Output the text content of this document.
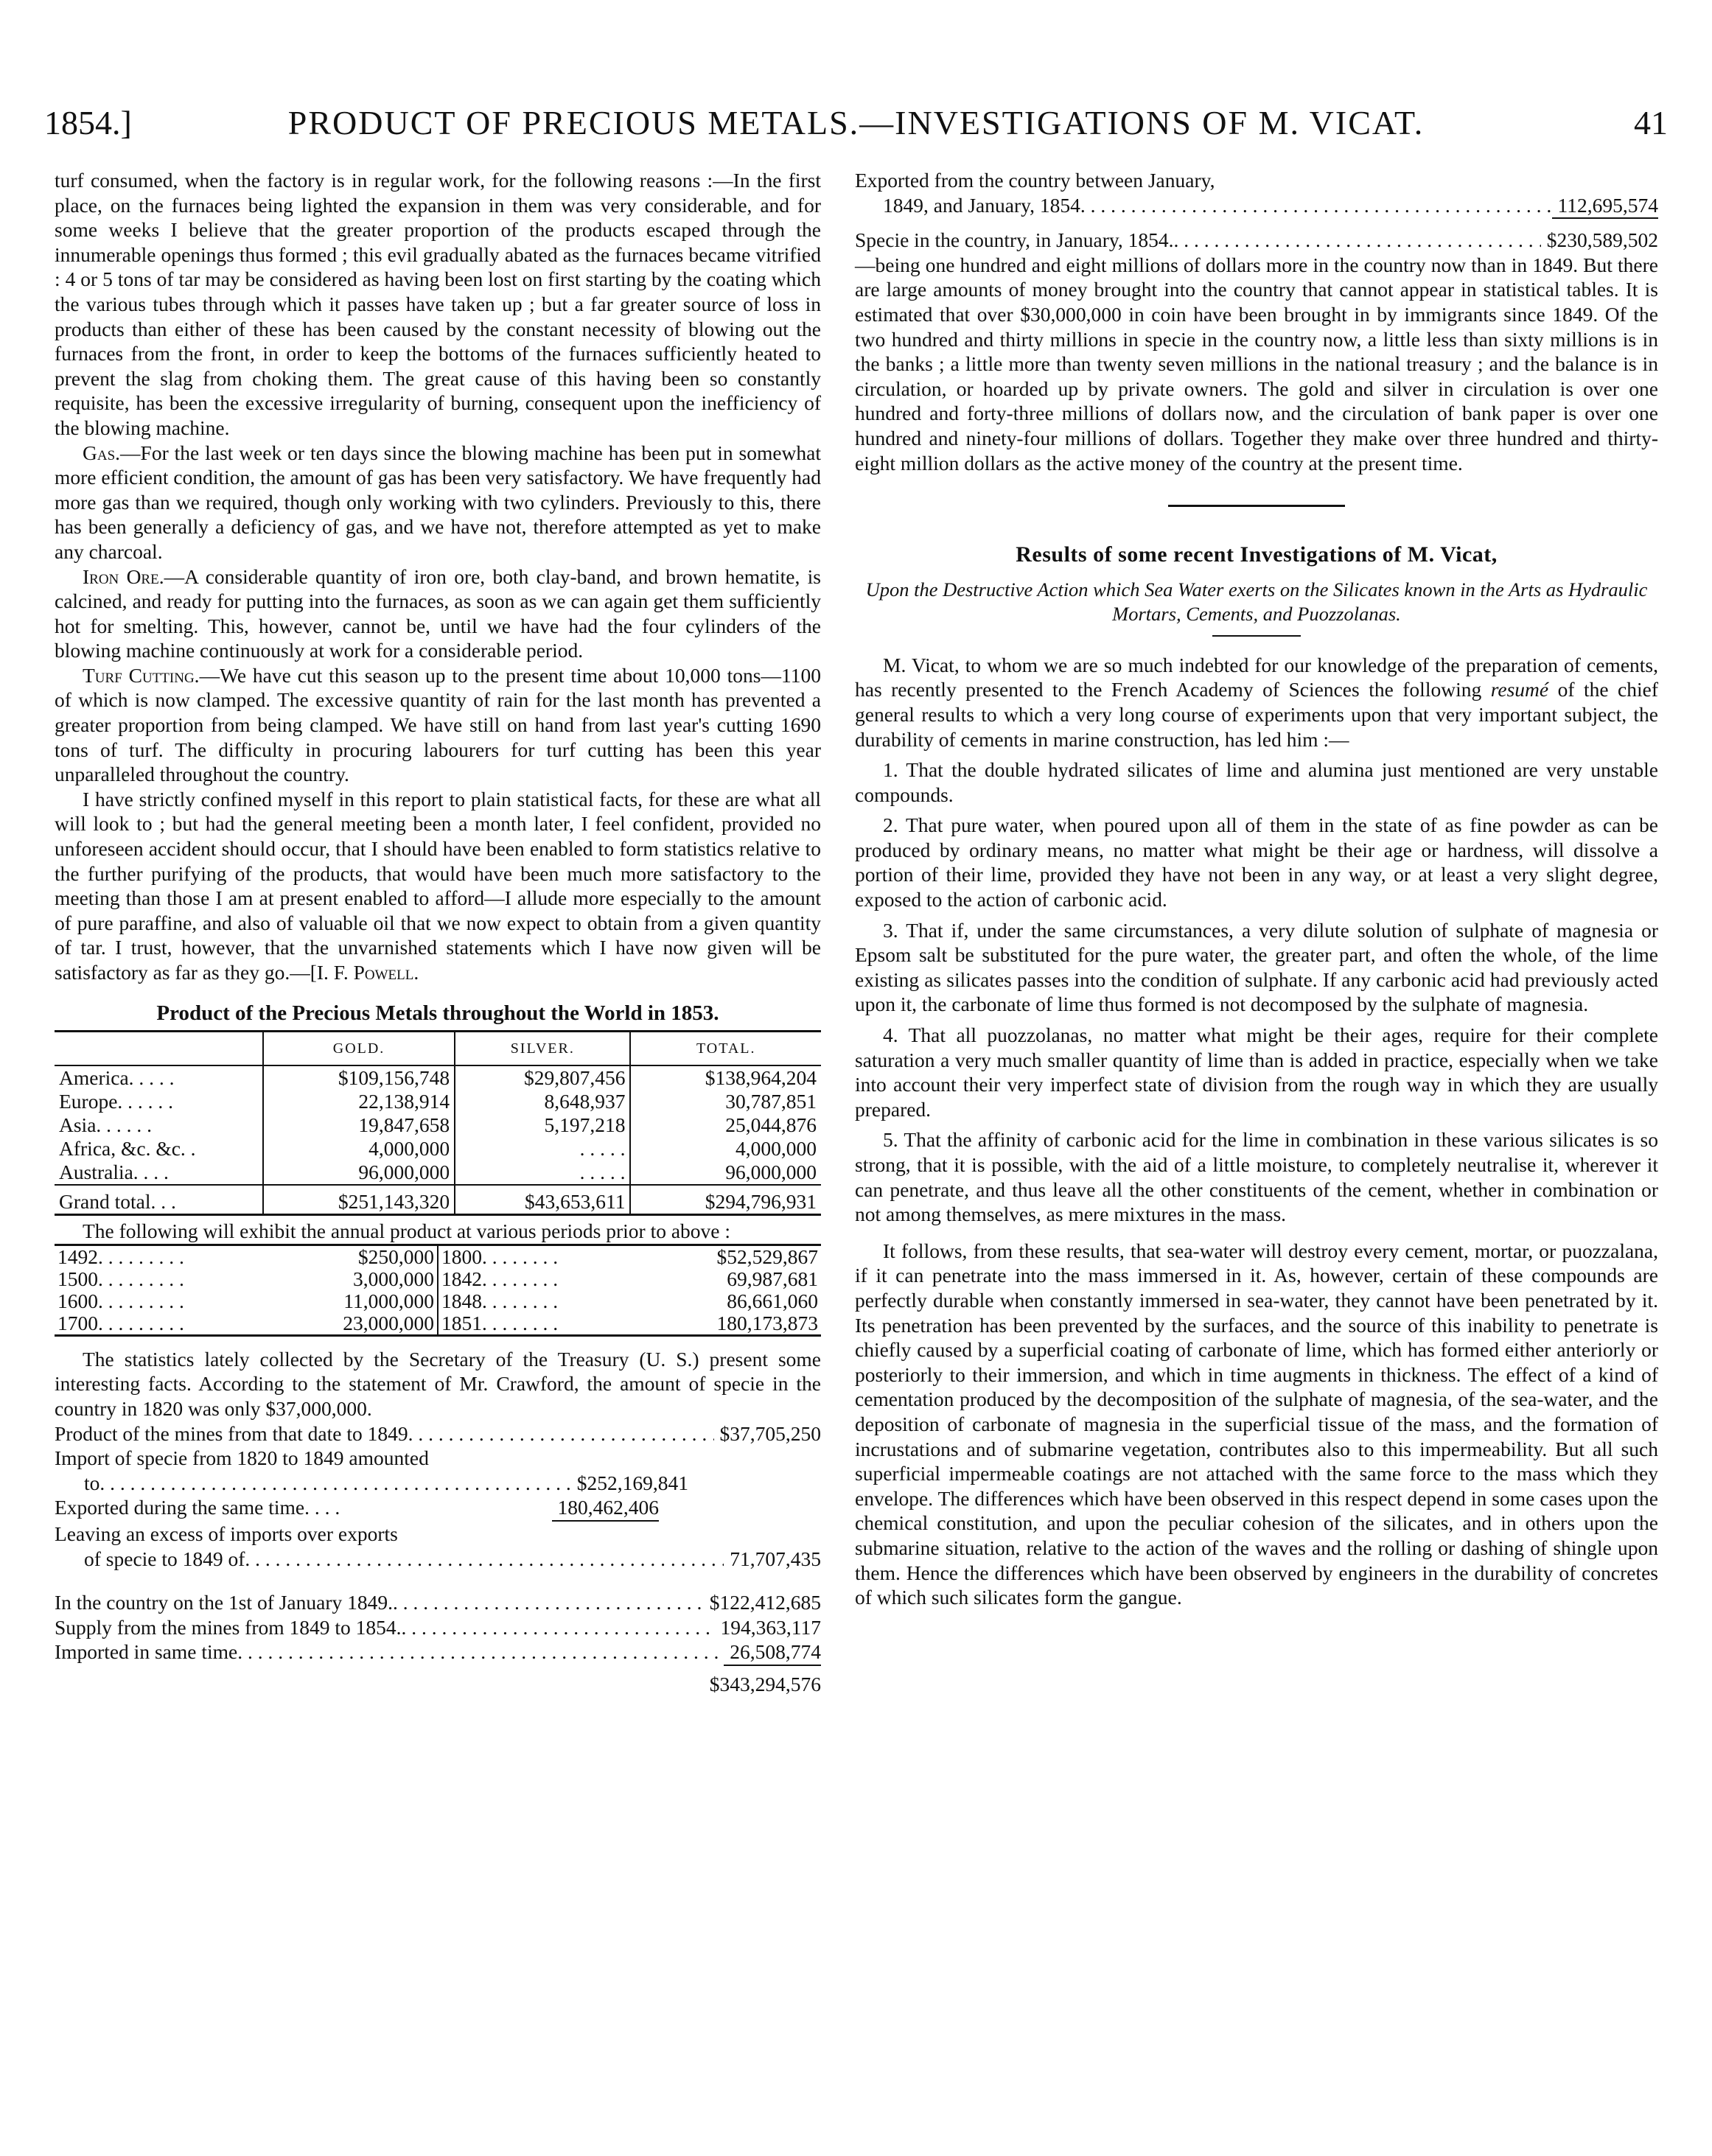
1854.]	PRODUCT OF PRECIOUS METALS.—INVESTIGATIONS OF M. VICAT.	41

turf consumed, when the factory is in regular work, for the following reasons :—In the first place, on the furnaces being lighted the expansion in them was very considerable, and for some weeks I believe that the greater proportion of the products escaped through the innumerable openings thus formed ; this evil gradually abated as the furnaces became vitrified : 4 or 5 tons of tar may be considered as having been lost on first starting by the coating which the various tubes through which it passes have taken up ; but a far greater source of loss in products than either of these has been caused by the constant necessity of blowing out the furnaces from the front, in order to keep the bottoms of the furnaces sufficiently heated to prevent the slag from choking them. The great cause of this having been so constantly requisite, has been the excessive irregularity of burning, consequent upon the inefficiency of the blowing machine.

Gas.—For the last week or ten days since the blowing machine has been put in somewhat more efficient condition, the amount of gas has been very satisfactory. We have frequently had more gas than we required, though only working with two cylinders. Previously to this, there has been generally a deficiency of gas, and we have not, therefore attempted as yet to make any charcoal.

Iron Ore.—A considerable quantity of iron ore, both clay-band, and brown hematite, is calcined, and ready for putting into the furnaces, as soon as we can again get them sufficiently hot for smelting. This, however, cannot be, until we have had the four cylinders of the blowing machine continuously at work for a considerable period.

Turf Cutting.—We have cut this season up to the present time about 10,000 tons—1100 of which is now clamped. The excessive quantity of rain for the last month has prevented a greater proportion from being clamped. We have still on hand from last year's cutting 1690 tons of turf. The difficulty in procuring labourers for turf cutting has been this year unparalleled throughout the country.

I have strictly confined myself in this report to plain statistical facts, for these are what all will look to ; but had the general meeting been a month later, I feel confident, provided no unforeseen accident should occur, that I should have been enabled to form statistics relative to the further purifying of the products, that would have been much more satisfactory to the meeting than those I am at present enabled to afford—I allude more especially to the amount of pure paraffine, and also of valuable oil that we now expect to obtain from a given quantity of tar. I trust, however, that the unvarnished statements which I have now given will be satisfactory as far as they go.—[I. F. Powell.

Product of the Precious Metals throughout the World in 1853.
	GOLD.	SILVER.	TOTAL.
America. . . . .	$109,156,748	$29,807,456	$138,964,204
Europe. . . . . .	22,138,914	8,648,937	30,787,851
Asia. . . . . .	19,847,658	5,197,218	25,044,876
Africa, &c. &c. .	4,000,000	. . . . .	4,000,000
Australia. . . .	96,000,000	. . . . .	96,000,000
Grand total. . .	$251,143,320	$43,653,611	$294,796,931

The following will exhibit the annual product at various periods prior to above :

1492. . . . . . . . .	$250,000	1800. . . . . . . .	$52,529,867
1500. . . . . . . . .	3,000,000	1842. . . . . . . .	69,987,681
1600. . . . . . . . .	11,000,000	1848. . . . . . . .	86,661,060
1700. . . . . . . . .	23,000,000	1851. . . . . . . .	180,173,873

The statistics lately collected by the Secretary of the Treasury (U. S.) present some interesting facts. According to the statement of Mr. Crawford, the amount of specie in the country in 1820 was only $37,000,000.

Product of the mines from that date to 1849 . . .	$37,705,250
Import of specie from 1820 to 1849 amounted
to . . .	$252,169,841
Exported during the same time. . . .	180,462,406
Leaving an excess of imports over exports
of specie to 1849 of . . .	71,707,435
In the country on the 1st of January 1849. . . .	$122,412,685
Supply from the mines from 1849 to 1854. . . .	194,363,117
Imported in same time . . .	26,508,774
$343,294,576
Exported from the country between January,
1849, and January, 1854 . . .	112,695,574
Specie in the country, in January, 1854. . . .	$230,589,502

—being one hundred and eight millions of dollars more in the country now than in 1849. But there are large amounts of money brought into the country that cannot appear in statistical tables. It is estimated that over $30,000,000 in coin have been brought in by immigrants since 1849. Of the two hundred and thirty millions in specie in the country now, a little less than sixty millions is in the banks ; a little more than twenty seven millions in the national treasury ; and the balance is in circulation, or hoarded up by private owners. The gold and silver in circulation is over one hundred and forty-three millions of dollars now, and the circulation of bank paper is over one hundred and ninety-four millions of dollars. Together they make over three hundred and thirty-eight million dollars as the active money of the country at the present time.

Results of some recent Investigations of M. Vicat,
Upon the Destructive Action which Sea Water exerts on the Silicates known in the Arts as Hydraulic Mortars, Cements, and Puozzolanas.

M. Vicat, to whom we are so much indebted for our knowledge of the preparation of cements, has recently presented to the French Academy of Sciences the following resumé of the chief general results to which a very long course of experiments upon that very important subject, the durability of cements in marine construction, has led him :—

1. That the double hydrated silicates of lime and alumina just mentioned are very unstable compounds.

2. That pure water, when poured upon all of them in the state of as fine powder as can be produced by ordinary means, no matter what might be their age or hardness, will dissolve a portion of their lime, provided they have not been in any way, or at least a very slight degree, exposed to the action of carbonic acid.

3. That if, under the same circumstances, a very dilute solution of sulphate of magnesia or Epsom salt be substituted for the pure water, the greater part, and often the whole, of the lime existing as silicates passes into the condition of sulphate. If any carbonic acid had previously acted upon it, the carbonate of lime thus formed is not decomposed by the sulphate of magnesia.

4. That all puozzolanas, no matter what might be their ages, require for their complete saturation a very much smaller quantity of lime than is added in practice, especially when we take into account their very imperfect state of division from the rough way in which they are usually prepared.

5. That the affinity of carbonic acid for the lime in combination in these various silicates is so strong, that it is possible, with the aid of a little moisture, to completely neutralise it, wherever it can penetrate, and thus leave all the other constituents of the cement, whether in combination or not among themselves, as mere mixtures in the mass.

It follows, from these results, that sea-water will destroy every cement, mortar, or puozzalana, if it can penetrate into the mass immersed in it. As, however, certain of these compounds are perfectly durable when constantly immersed in sea-water, they cannot have been penetrated by it. Its penetration has been prevented by the surfaces, and the source of this inability to penetrate is chiefly caused by a superficial coating of carbonate of lime, which has formed either anteriorly or posteriorly to their immersion, and which in time augments in thickness. The effect of a kind of cementation produced by the decomposition of the sulphate of magnesia, of the sea-water, and the deposition of carbonate of magnesia in the superficial tissue of the mass, and the formation of incrustations and of submarine vegetation, contributes also to this impermeability. But all such superficial impermeable coatings are not attached with the same force to the mass which they envelope. The differences which have been observed in this respect depend in some cases upon the chemical constitution, and upon the peculiar cohesion of the silicates, and in others upon the submarine situation, relative to the action of the waves and the rolling or dashing of shingle upon them. Hence the differences which have been observed by engineers in the durability of concretes of which such silicates form the gangue.
